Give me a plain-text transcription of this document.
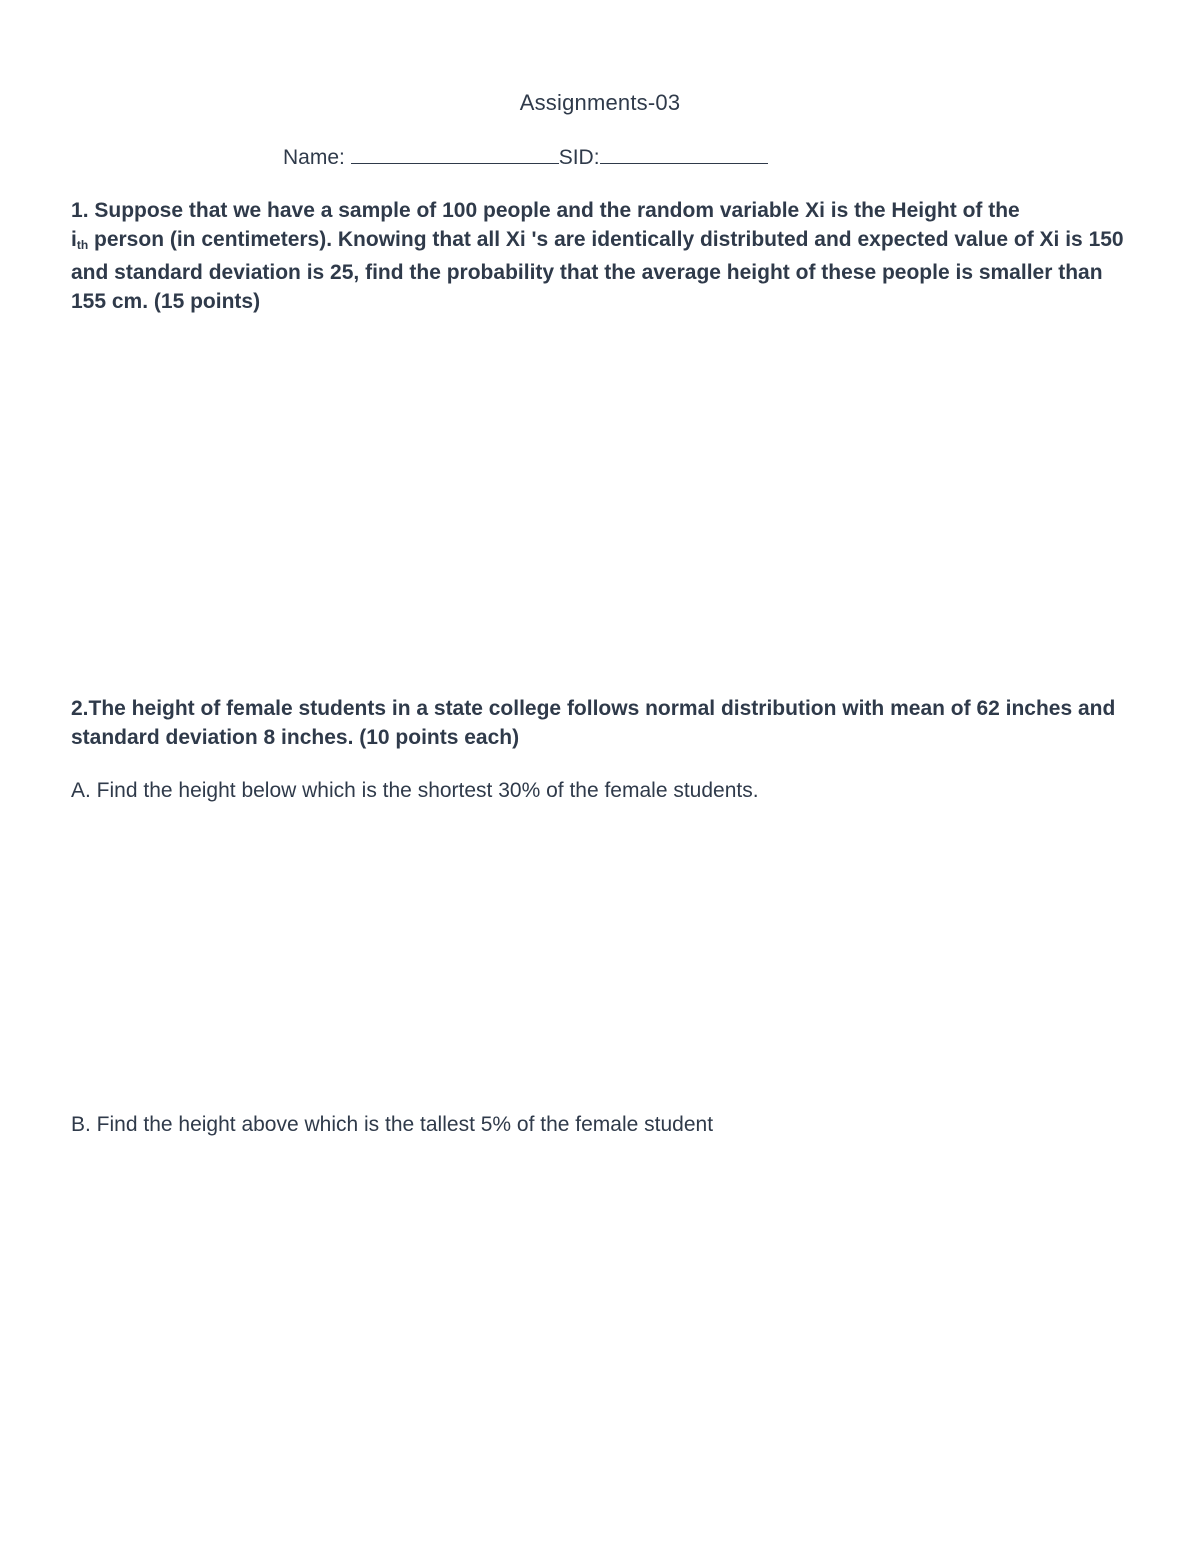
Assignments-03
Name:	SID:
1. Suppose that we have a sample of 100 people and the random variable Xi is the Height of the
ith person (in centimeters). Knowing that all Xi 's are identically distributed and expected value of Xi is 150 and standard deviation is 25, find the probability that the average height of these people is smaller than 155 cm. (15 points)
2.The height of female students in a state college follows normal distribution with mean of 62 inches and standard deviation 8 inches. (10 points each)
A. Find the height below which is the shortest 30% of the female students.
B. Find the height above which is the tallest 5% of the female student
